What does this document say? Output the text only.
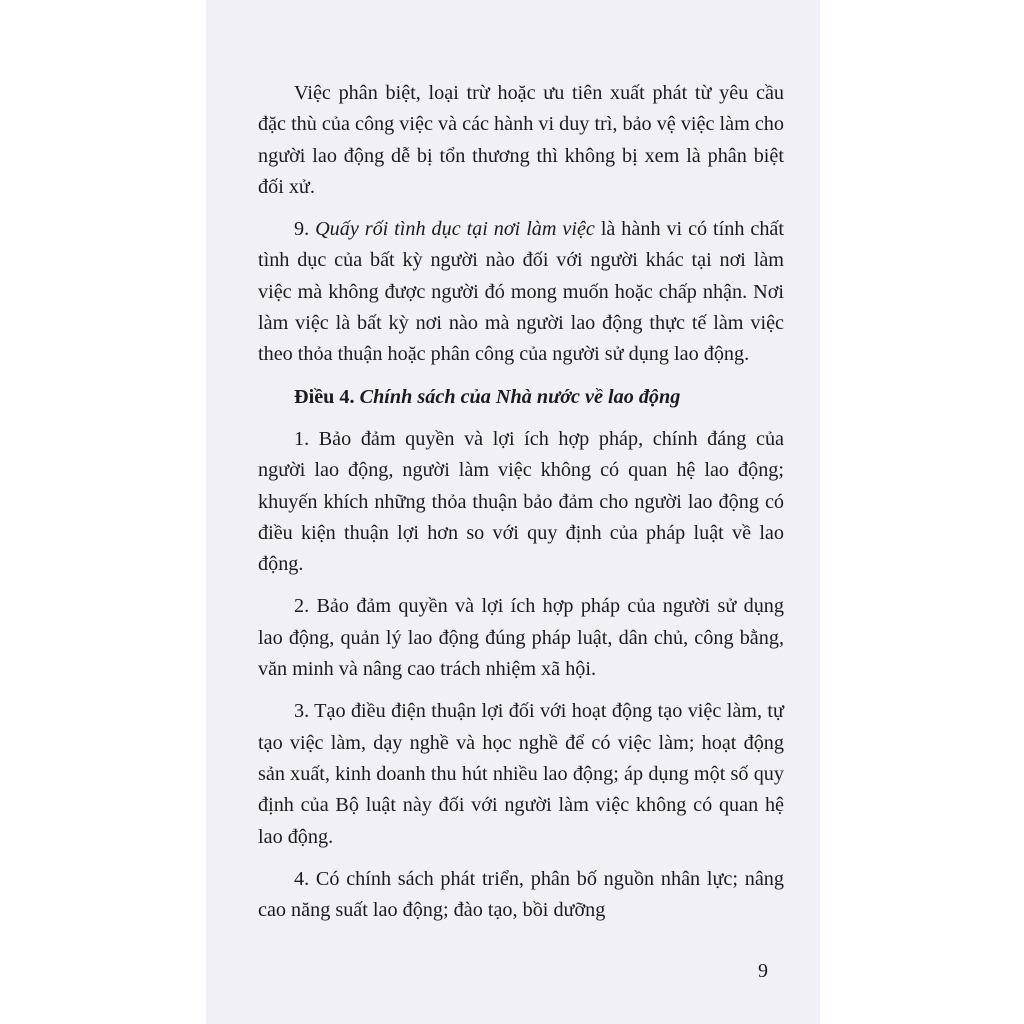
Việc phân biệt, loại trừ hoặc ưu tiên xuất phát từ yêu cầu đặc thù của công việc và các hành vi duy trì, bảo vệ việc làm cho người lao động dễ bị tổn thương thì không bị xem là phân biệt đối xử.

9. Quấy rối tình dục tại nơi làm việc là hành vi có tính chất tình dục của bất kỳ người nào đối với người khác tại nơi làm việc mà không được người đó mong muốn hoặc chấp nhận. Nơi làm việc là bất kỳ nơi nào mà người lao động thực tế làm việc theo thỏa thuận hoặc phân công của người sử dụng lao động.

Điều 4. Chính sách của Nhà nước về lao động

1. Bảo đảm quyền và lợi ích hợp pháp, chính đáng của người lao động, người làm việc không có quan hệ lao động; khuyến khích những thỏa thuận bảo đảm cho người lao động có điều kiện thuận lợi hơn so với quy định của pháp luật về lao động.

2. Bảo đảm quyền và lợi ích hợp pháp của người sử dụng lao động, quản lý lao động đúng pháp luật, dân chủ, công bằng, văn minh và nâng cao trách nhiệm xã hội.

3. Tạo điều điện thuận lợi đối với hoạt động tạo việc làm, tự tạo việc làm, dạy nghề và học nghề để có việc làm; hoạt động sản xuất, kinh doanh thu hút nhiều lao động; áp dụng một số quy định của Bộ luật này đối với người làm việc không có quan hệ lao động.

4. Có chính sách phát triển, phân bố nguồn nhân lực; nâng cao năng suất lao động; đào tạo, bồi dưỡng

9
